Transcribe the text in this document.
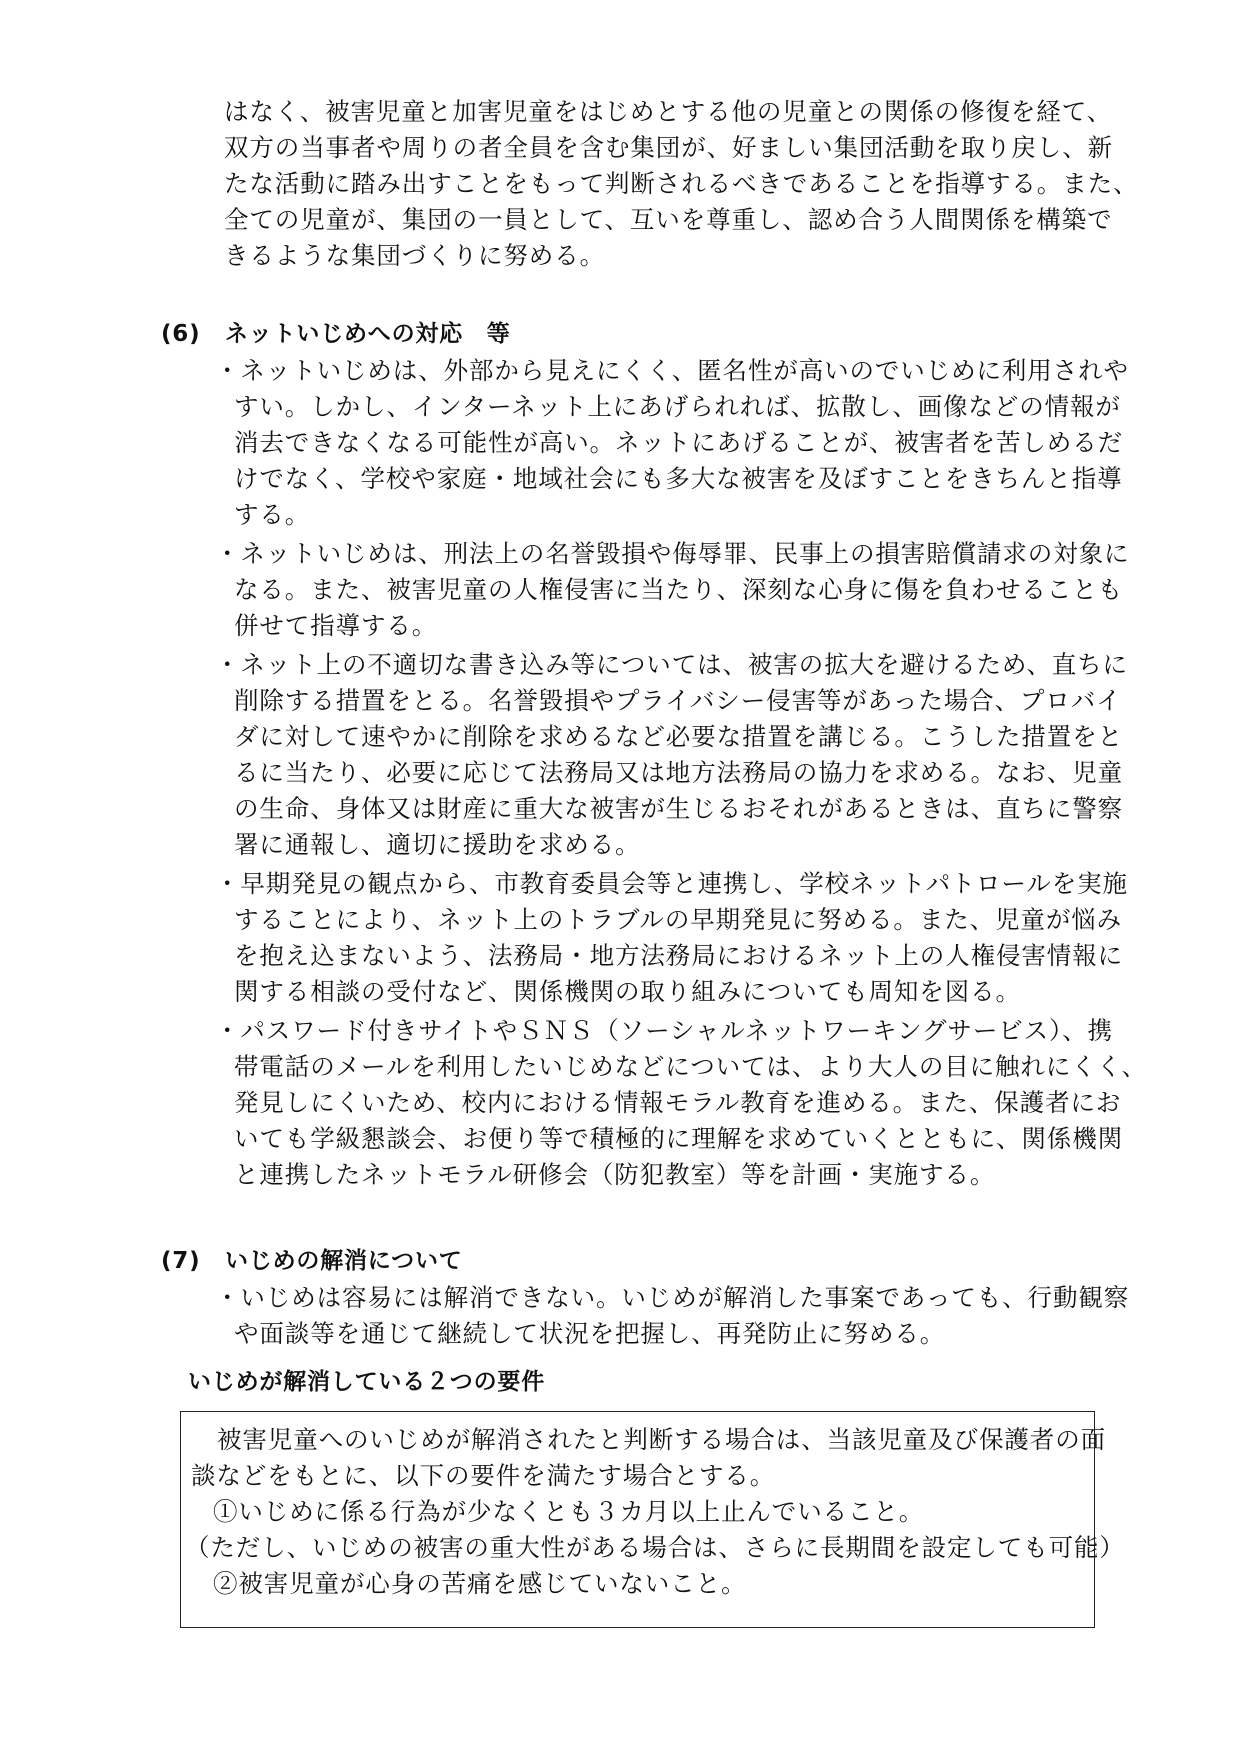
はなく、被害児童と加害児童をはじめとする他の児童との関係の修復を経て、
双方の当事者や周りの者全員を含む集団が、好ましい集団活動を取り戻し、新
たな活動に踏み出すことをもって判断されるべきであることを指導する。また、
全ての児童が、集団の一員として、互いを尊重し、認め合う人間関係を構築で
きるような集団づくりに努める。
(6) ネットいじめへの対応　等
・ネットいじめは、外部から見えにくく、匿名性が高いのでいじめに利用されや
すい。しかし、インターネット上にあげられれば、拡散し、画像などの情報が
消去できなくなる可能性が高い。ネットにあげることが、被害者を苦しめるだ
けでなく、学校や家庭・地域社会にも多大な被害を及ぼすことをきちんと指導
する。
・ネットいじめは、刑法上の名誉毀損や侮辱罪、民事上の損害賠償請求の対象に
なる。また、被害児童の人権侵害に当たり、深刻な心身に傷を負わせることも
併せて指導する。
・ネット上の不適切な書き込み等については、被害の拡大を避けるため、直ちに
削除する措置をとる。名誉毀損やプライバシー侵害等があった場合、プロバイ
ダに対して速やかに削除を求めるなど必要な措置を講じる。こうした措置をと
るに当たり、必要に応じて法務局又は地方法務局の協力を求める。なお、児童
の生命、身体又は財産に重大な被害が生じるおそれがあるときは、直ちに警察
署に通報し、適切に援助を求める。
・早期発見の観点から、市教育委員会等と連携し、学校ネットパトロールを実施
することにより、ネット上のトラブルの早期発見に努める。また、児童が悩み
を抱え込まないよう、法務局・地方法務局におけるネット上の人権侵害情報に
関する相談の受付など、関係機関の取り組みについても周知を図る。
・パスワード付きサイトやＳＮＳ（ソーシャルネットワーキングサービス）、携
帯電話のメールを利用したいじめなどについては、より大人の目に触れにくく、
発見しにくいため、校内における情報モラル教育を進める。また、保護者にお
いても学級懇談会、お便り等で積極的に理解を求めていくとともに、関係機関
と連携したネットモラル研修会（防犯教室）等を計画・実施する。
(7) いじめの解消について
・いじめは容易には解消できない。いじめが解消した事案であっても、行動観察
や面談等を通じて継続して状況を把握し、再発防止に努める。
いじめが解消している２つの要件
被害児童へのいじめが解消されたと判断する場合は、当該児童及び保護者の面
談などをもとに、以下の要件を満たす場合とする。
①いじめに係る行為が少なくとも３カ月以上止んでいること。
（ただし、いじめの被害の重大性がある場合は、さらに長期間を設定しても可能）
②被害児童が心身の苦痛を感じていないこと。
